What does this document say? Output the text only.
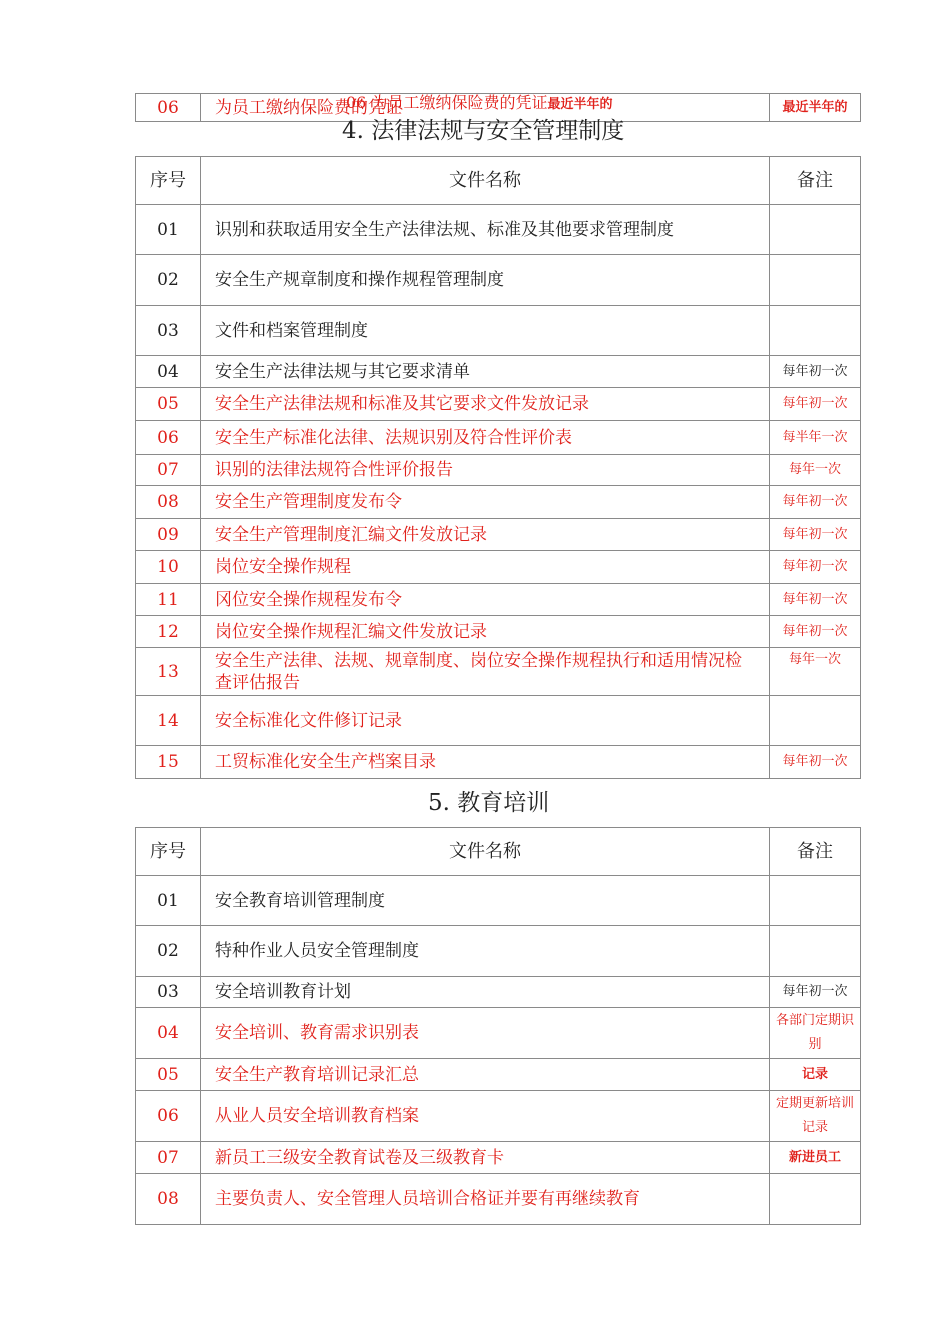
06	为员工缴纳保险费的凭证	最近半年的
06 为员工缴纳保险费的凭证最近半年的
4. 法律法规与安全管理制度
序号	文件名称	备注
01	识别和获取适用安全生产法律法规、标准及其他要求管理制度	
02	安全生产规章制度和操作规程管理制度	
03	文件和档案管理制度	
04	安全生产法律法规与其它要求清单	每年初一次
05	安全生产法律法规和标准及其它要求文件发放记录	每年初一次
06	安全生产标准化法律、法规识别及符合性评价表	每半年一次
07	识别的法律法规符合性评价报告	每年一次
08	安全生产管理制度发布令	每年初一次
09	安全生产管理制度汇编文件发放记录	每年初一次
10	岗位安全操作规程	每年初一次
11	冈位安全操作规程发布令	每年初一次
12	岗位安全操作规程汇编文件发放记录	每年初一次
13	安全生产法律、法规、规章制度、岗位安全操作规程执行和适用情况检查评估报告	每年一次
14	安全标准化文件修订记录	
15	工贸标准化安全生产档案目录	每年初一次
5. 教育培训
序号	文件名称	备注
01	安全教育培训管理制度	
02	特种作业人员安全管理制度	
03	安全培训教育计划	每年初一次
04	安全培训、教育需求识别表	各部门定期识别
05	安全生产教育培训记录汇总	记录
06	从业人员安全培训教育档案	定期更新培训记录
07	新员工三级安全教育试卷及三级教育卡	新进员工
08	主要负责人、安全管理人员培训合格证并要有再继续教育	
